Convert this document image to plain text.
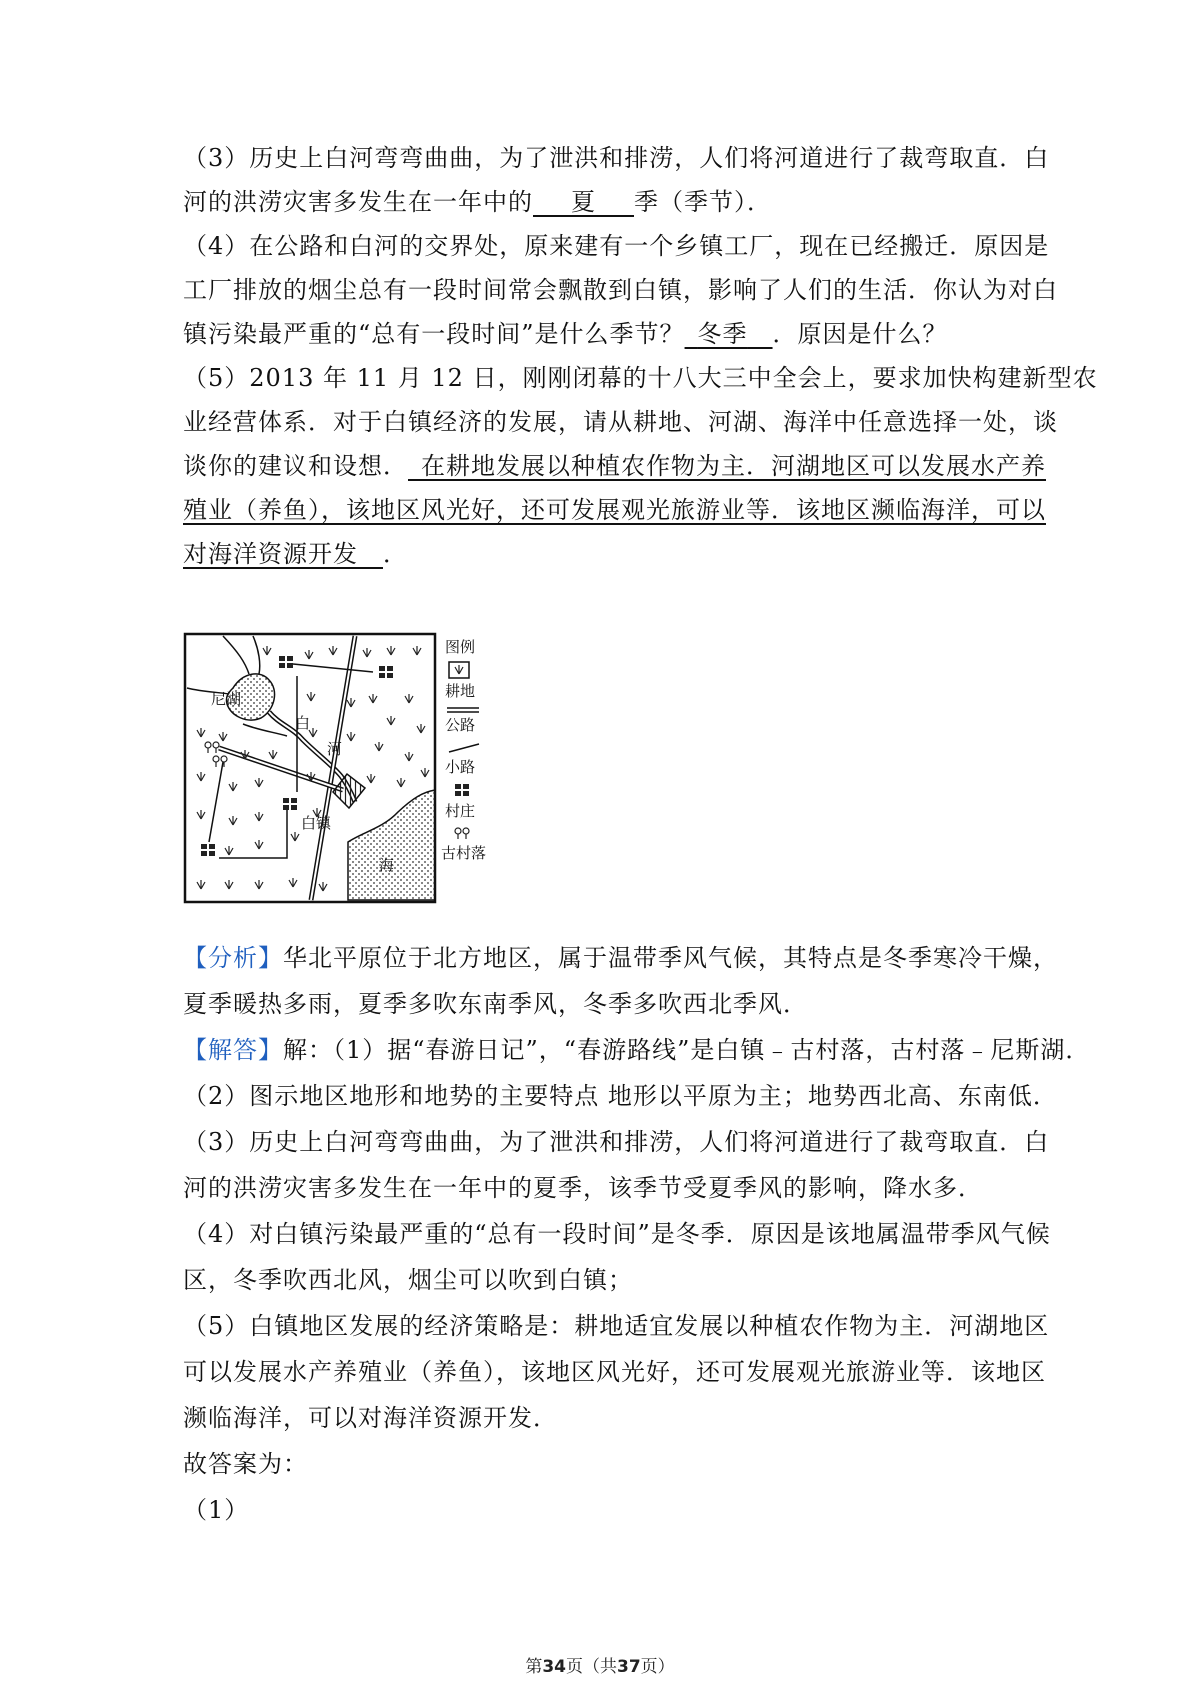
（3）历史上白河弯弯曲曲，为了泄洪和排涝，人们将河道进行了裁弯取直．白
河的洪涝灾害多发生在一年中的   夏   季（季节）．
（4）在公路和白河的交界处，原来建有一个乡镇工厂，现在已经搬迁．原因是
工厂排放的烟尘总有一段时间常会飘散到白镇，影响了人们的生活．你认为对白
镇污染最严重的“总有一段时间”是什么季节？  冬季  ．原因是什么？
（5）2013 年 11 月 12 日，刚刚闭幕的十八大三中全会上，要求加快构建新型农
业经营体系．对于白镇经济的发展，请从耕地、河湖、海洋中任意选择一处，谈
谈你的建议和设想．  在耕地发展以种植农作物为主．河湖地区可以发展水产养
殖业（养鱼），该地区风光好，还可发展观光旅游业等．该地区濒临海洋，可以
对海洋资源开发  ．
尼湖
白
河
白镇
海
图例
耕地
公路
小路
村庄
古村落
【分析】华北平原位于北方地区，属于温带季风气候，其特点是冬季寒冷干燥，
夏季暖热多雨，夏季多吹东南季风，冬季多吹西北季风．
【解答】解：（1）据“春游日记”，“春游路线”是白镇﹣古村落，古村落﹣尼斯湖．
（2）图示地区地形和地势的主要特点 地形以平原为主；地势西北高、东南低．
（3）历史上白河弯弯曲曲，为了泄洪和排涝，人们将河道进行了裁弯取直．白
河的洪涝灾害多发生在一年中的夏季，该季节受夏季风的影响，降水多．
（4）对白镇污染最严重的“总有一段时间”是冬季．原因是该地属温带季风气候
区，冬季吹西北风，烟尘可以吹到白镇；
（5）白镇地区发展的经济策略是：耕地适宜发展以种植农作物为主．河湖地区
可以发展水产养殖业（养鱼），该地区风光好，还可发展观光旅游业等．该地区
濒临海洋，可以对海洋资源开发．
故答案为：
（1）
第34页（共37页）
